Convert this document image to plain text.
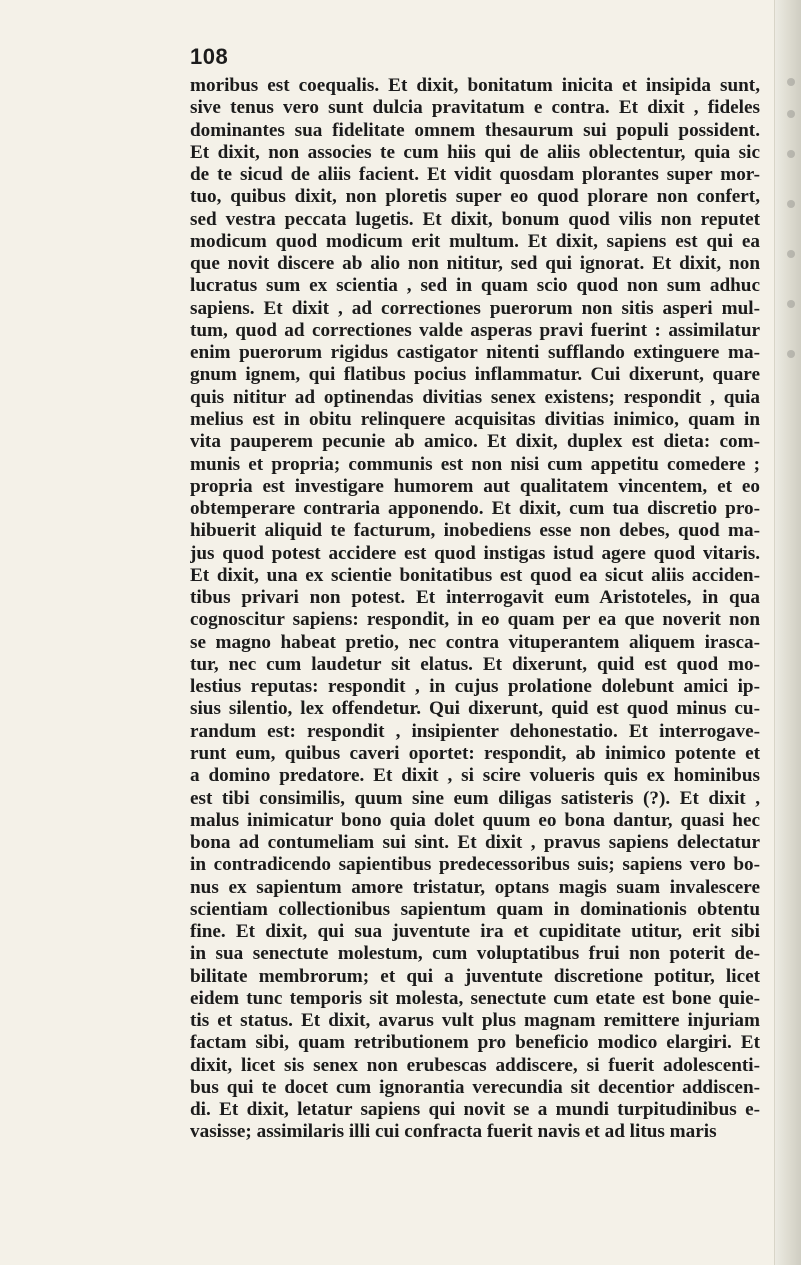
108
moribus est coequalis. Et dixit, bonitatum inicita et insipida sunt,
sive tenus vero sunt dulcia pravitatum e contra. Et dixit , fideles
dominantes sua fidelitate omnem thesaurum sui populi possident.
Et dixit, non associes te cum hiis qui de aliis oblectentur, quia sic
de te sicud de aliis facient. Et vidit quosdam plorantes super mor-
tuo, quibus dixit, non ploretis super eo quod plorare non confert,
sed vestra peccata lugetis. Et dixit, bonum quod vilis non reputet
modicum quod modicum erit multum. Et dixit, sapiens est qui ea
que novit discere ab alio non nititur, sed qui ignorat. Et dixit, non
lucratus sum ex scientia , sed in quam scio quod non sum adhuc
sapiens. Et dixit , ad correctiones puerorum non sitis asperi mul-
tum, quod ad correctiones valde asperas pravi fuerint : assimilatur
enim puerorum rigidus castigator nitenti sufflando extinguere ma-
gnum ignem, qui flatibus pocius inflammatur. Cui dixerunt, quare
quis nititur ad optinendas divitias senex existens; respondit , quia
melius est in obitu relinquere acquisitas divitias inimico, quam in
vita pauperem pecunie ab amico. Et dixit, duplex est dieta: com-
munis et propria; communis est non nisi cum appetitu comedere ;
propria est investigare humorem aut qualitatem vincentem, et eo
obtemperare contraria apponendo. Et dixit, cum tua discretio pro-
hibuerit aliquid te facturum, inobediens esse non debes, quod ma-
jus quod potest accidere est quod instigas istud agere quod vitaris.
Et dixit, una ex scientie bonitatibus est quod ea sicut aliis acciden-
tibus privari non potest. Et interrogavit eum Aristoteles, in qua
cognoscitur sapiens: respondit, in eo quam per ea que noverit non
se magno habeat pretio, nec contra vituperantem aliquem irasca-
tur, nec cum laudetur sit elatus. Et dixerunt, quid est quod mo-
lestius reputas: respondit , in cujus prolatione dolebunt amici ip-
sius silentio, lex offendetur. Qui dixerunt, quid est quod minus cu-
randum est: respondit , insipienter dehonestatio. Et interrogave-
runt eum, quibus caveri oportet: respondit, ab inimico potente et
a domino predatore. Et dixit , si scire volueris quis ex hominibus
est tibi consimilis, quum sine eum diligas satisteris (?). Et dixit ,
malus inimicatur bono quia dolet quum eo bona dantur, quasi hec
bona ad contumeliam sui sint. Et dixit , pravus sapiens delectatur
in contradicendo sapientibus predecessoribus suis; sapiens vero bo-
nus ex sapientum amore tristatur, optans magis suam invalescere
scientiam collectionibus sapientum quam in dominationis obtentu
fine. Et dixit, qui sua juventute ira et cupiditate utitur, erit sibi
in sua senectute molestum, cum voluptatibus frui non poterit de-
bilitate membrorum; et qui a juventute discretione potitur, licet
eidem tunc temporis sit molesta, senectute cum etate est bone quie-
tis et status. Et dixit, avarus vult plus magnam remittere injuriam
factam sibi, quam retributionem pro beneficio modico elargiri. Et
dixit, licet sis senex non erubescas addiscere, si fuerit adolescenti-
bus qui te docet cum ignorantia verecundia sit decentior addiscen-
di. Et dixit, letatur sapiens qui novit se a mundi turpitudinibus e-
vasisse; assimilaris illi cui confracta fuerit navis et ad litus maris
